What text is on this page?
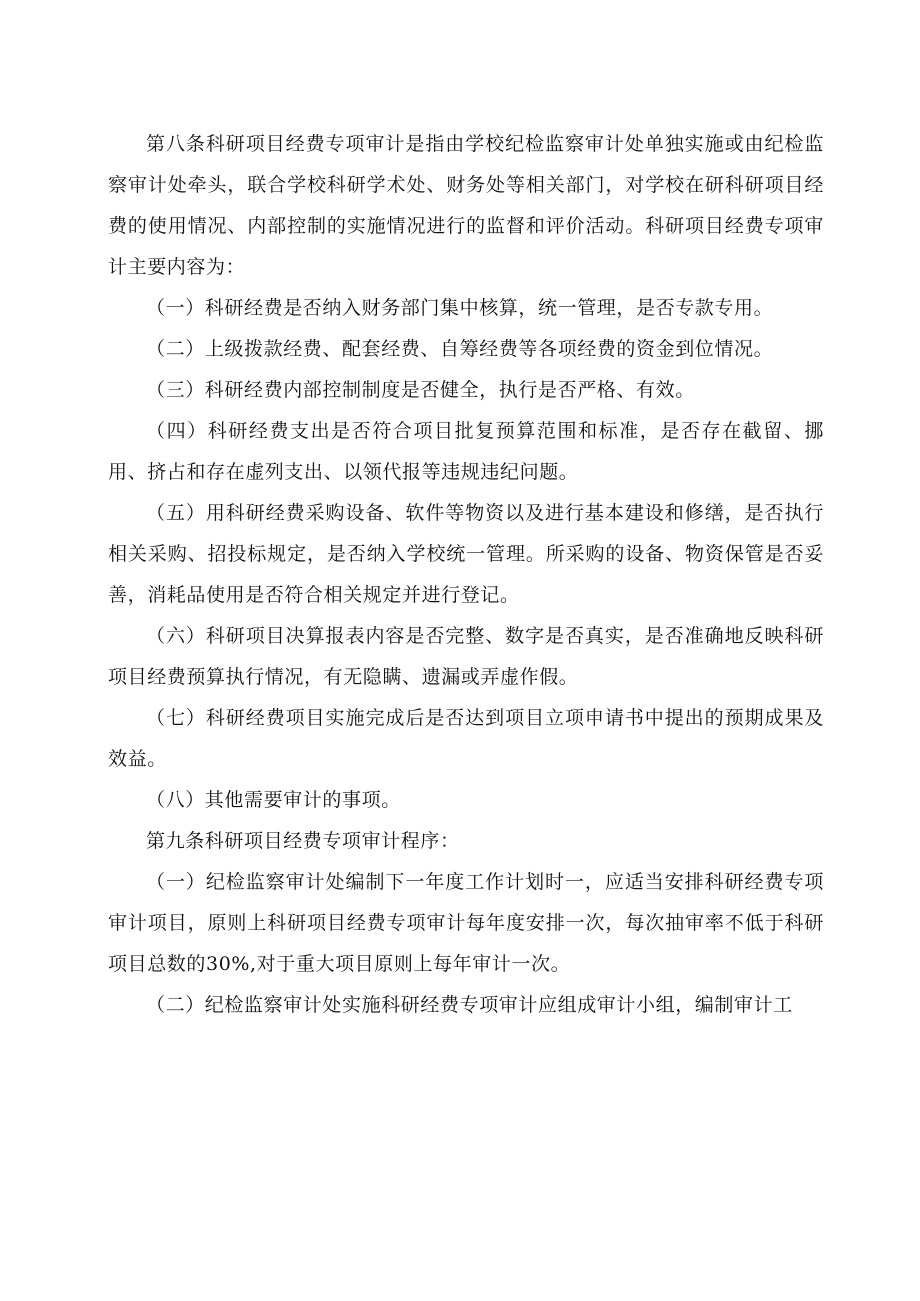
第八条科研项目经费专项审计是指由学校纪检监察审计处单独实施或由纪检监察审计处牵头，联合学校科研学术处、财务处等相关部门，对学校在研科研项目经费的使用情况、内部控制的实施情况进行的监督和评价活动。科研项目经费专项审计主要内容为：

（一）科研经费是否纳入财务部门集中核算，统一管理，是否专款专用。

（二）上级拨款经费、配套经费、自筹经费等各项经费的资金到位情况。

（三）科研经费内部控制制度是否健全，执行是否严格、有效。

（四）科研经费支出是否符合项目批复预算范围和标准，是否存在截留、挪用、挤占和存在虚列支出、以领代报等违规违纪问题。

（五）用科研经费采购设备、软件等物资以及进行基本建设和修缮，是否执行相关采购、招投标规定，是否纳入学校统一管理。所采购的设备、物资保管是否妥善，消耗品使用是否符合相关规定并进行登记。

（六）科研项目决算报表内容是否完整、数字是否真实，是否准确地反映科研项目经费预算执行情况，有无隐瞒、遗漏或弄虚作假。

（七）科研经费项目实施完成后是否达到项目立项申请书中提出的预期成果及效益。

（八）其他需要审计的事项。

第九条科研项目经费专项审计程序：

（一）纪检监察审计处编制下一年度工作计划时一，应适当安排科研经费专项审计项目，原则上科研项目经费专项审计每年度安排一次，每次抽审率不低于科研项目总数的30%,对于重大项目原则上每年审计一次。

（二）纪检监察审计处实施科研经费专项审计应组成审计小组，编制审计工
